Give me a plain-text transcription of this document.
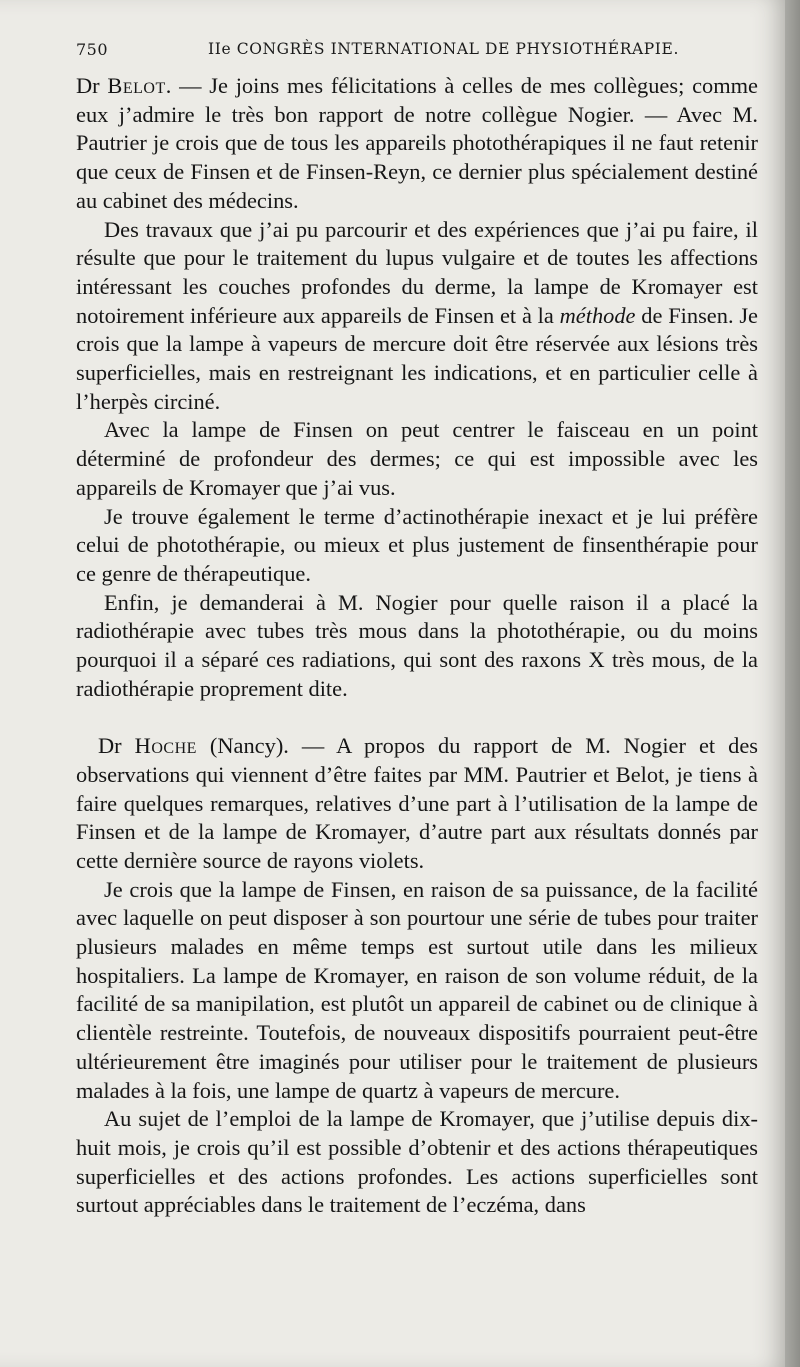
750	IIe CONGRÈS INTERNATIONAL DE PHYSIOTHÉRAPIE.

Dr Belot. — Je joins mes félicitations à celles de mes collègues; comme eux j’admire le très bon rapport de notre collègue Nogier. — Avec M. Pautrier je crois que de tous les appareils photothérapiques il ne faut retenir que ceux de Finsen et de Finsen-Reyn, ce dernier plus spécialement destiné au cabinet des médecins.

Des travaux que j’ai pu parcourir et des expériences que j’ai pu faire, il résulte que pour le traitement du lupus vulgaire et de toutes les affections intéressant les couches profondes du derme, la lampe de Kromayer est notoirement inférieure aux appareils de Finsen et à la méthode de Finsen. Je crois que la lampe à vapeurs de mercure doit être réservée aux lésions très superficielles, mais en restreignant les indications, et en particulier celle à l’herpès circiné.

Avec la lampe de Finsen on peut centrer le faisceau en un point déterminé de profondeur des dermes; ce qui est impossible avec les appareils de Kromayer que j’ai vus.

Je trouve également le terme d’actinothérapie inexact et je lui préfère celui de photothérapie, ou mieux et plus justement de finsenthérapie pour ce genre de thérapeutique.

Enfin, je demanderai à M. Nogier pour quelle raison il a placé la radiothérapie avec tubes très mous dans la photothérapie, ou du moins pourquoi il a séparé ces radiations, qui sont des raxons X très mous, de la radiothérapie proprement dite.

Dr Hoche (Nancy). — A propos du rapport de M. Nogier et des observations qui viennent d’être faites par MM. Pautrier et Belot, je tiens à faire quelques remarques, relatives d’une part à l’utilisation de la lampe de Finsen et de la lampe de Kromayer, d’autre part aux résultats donnés par cette dernière source de rayons violets.

Je crois que la lampe de Finsen, en raison de sa puissance, de la facilité avec laquelle on peut disposer à son pourtour une série de tubes pour traiter plusieurs malades en même temps est surtout utile dans les milieux hospitaliers. La lampe de Kromayer, en raison de son volume réduit, de la facilité de sa manipilation, est plutôt un appareil de cabinet ou de clinique à clientèle restreinte. Toutefois, de nouveaux dispositifs pourraient peut-être ultérieurement être imaginés pour utiliser pour le traitement de plusieurs malades à la fois, une lampe de quartz à vapeurs de mercure.

Au sujet de l’emploi de la lampe de Kromayer, que j’utilise depuis dix-huit mois, je crois qu’il est possible d’obtenir et des actions thérapeutiques superficielles et des actions profondes. Les actions superficielles sont surtout appréciables dans le traitement de l’eczéma, dans
